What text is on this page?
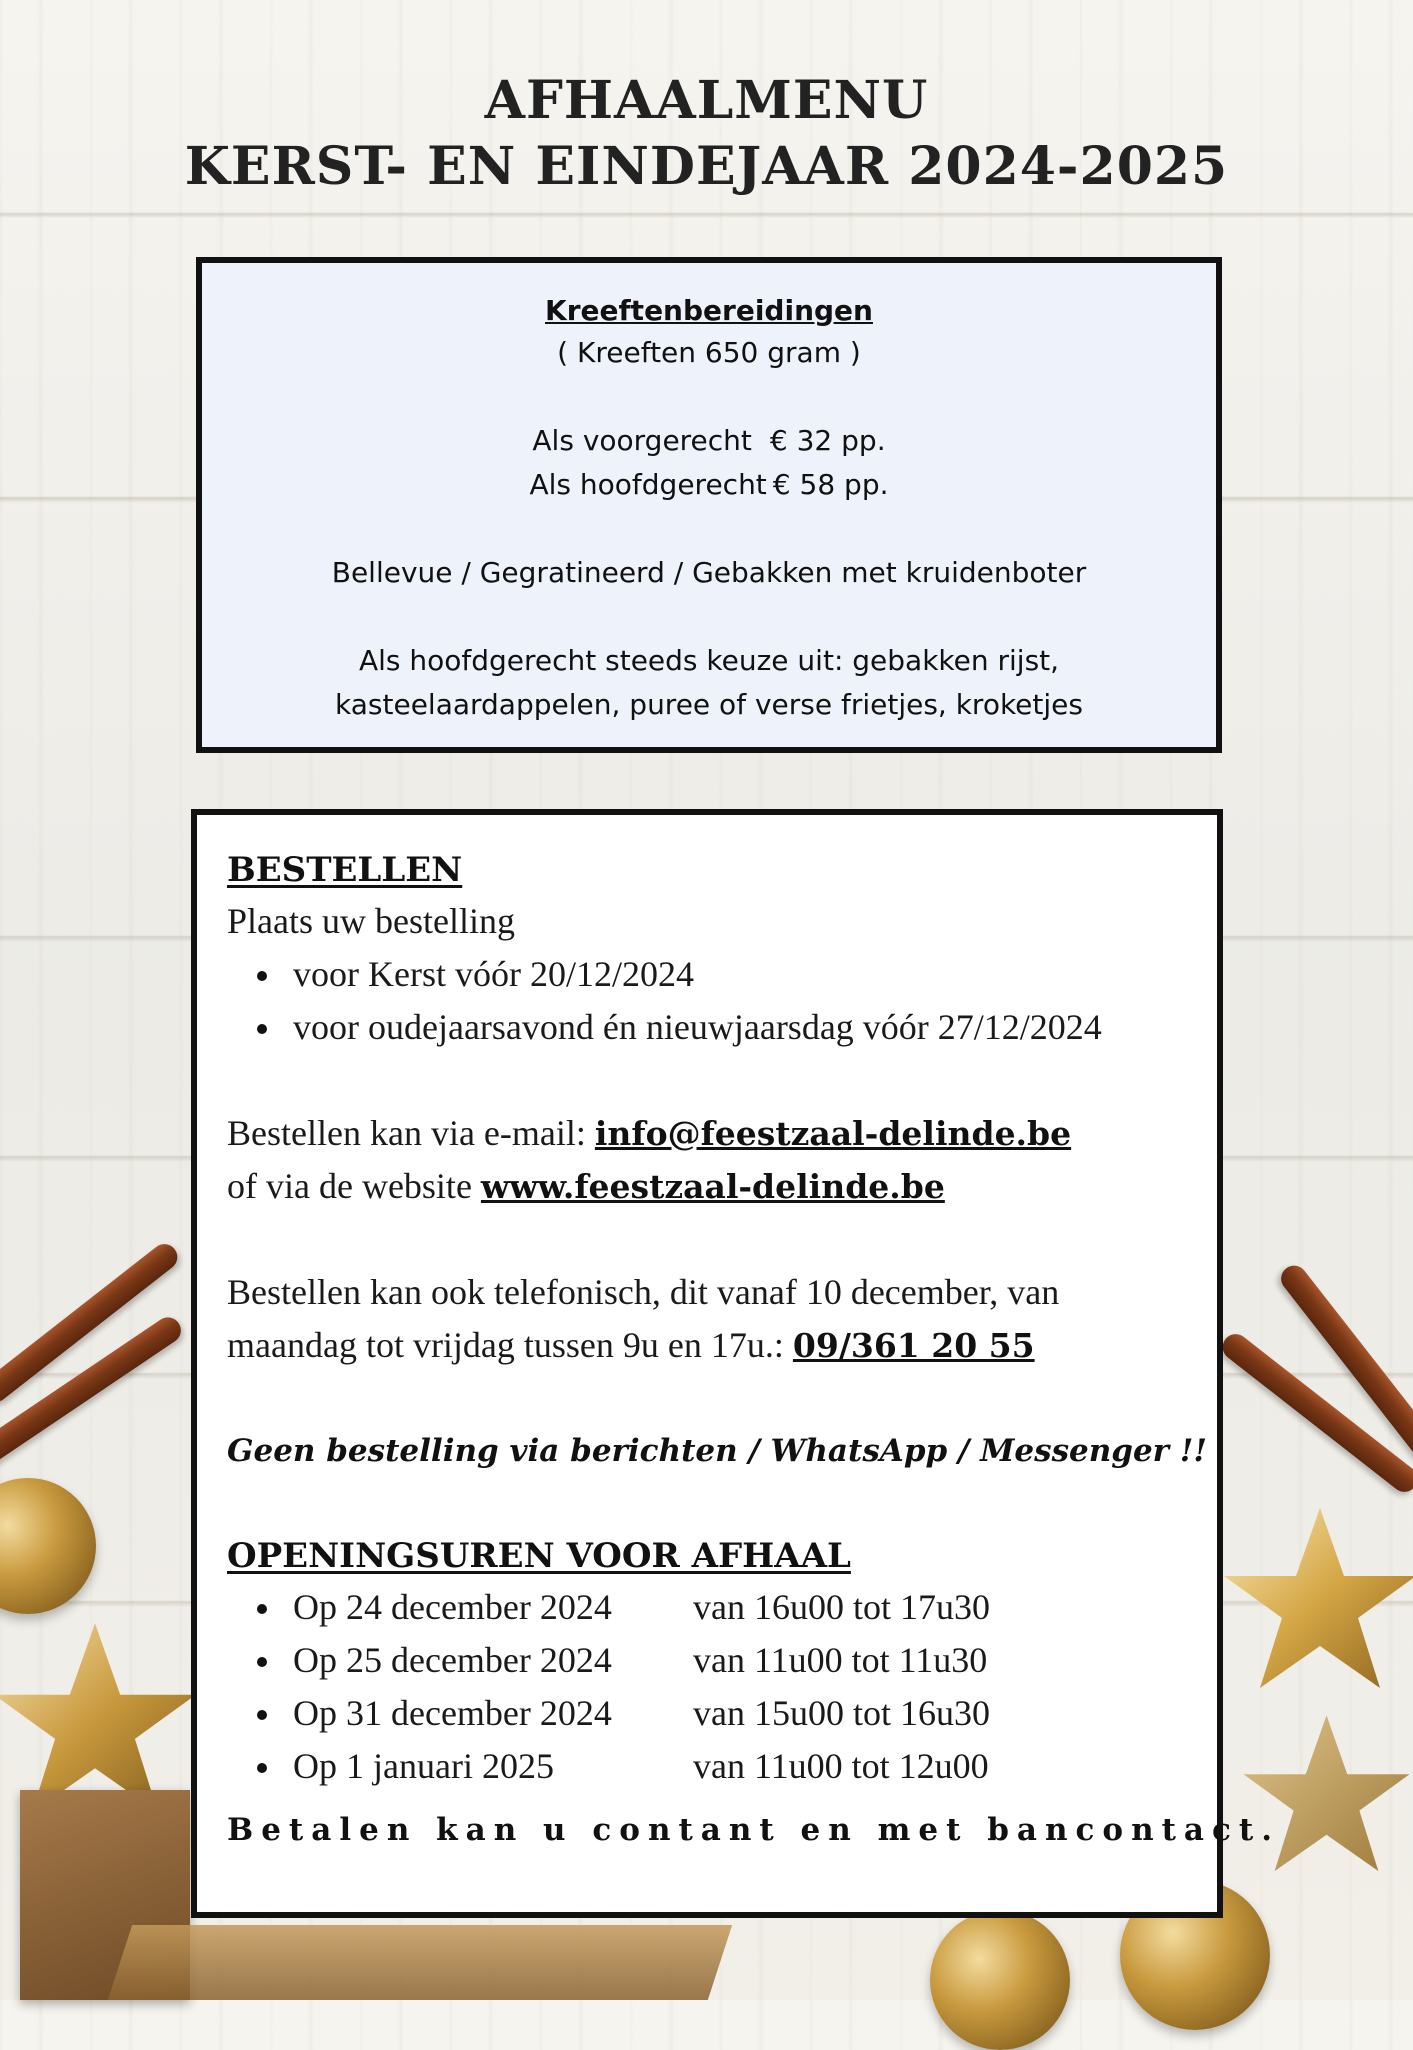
AFHAALMENU
KERST- EN EINDEJAAR 2024-2025
Kreeftenbereidingen
( Kreeften 650 gram )
Als voorgerecht € 32 pp.
Als hoofdgerecht € 58 pp.
Bellevue / Gegratineerd / Gebakken met kruidenboter
Als hoofdgerecht steeds keuze uit: gebakken rijst,
kasteelaardappelen, puree of verse frietjes, kroketjes
BESTELLEN
Plaats uw bestelling
voor Kerst vóór 20/12/2024
voor oudejaarsavond én nieuwjaarsdag vóór 27/12/2024
Bestellen kan via e-mail: info@feestzaal-delinde.be
of via de website www.feestzaal-delinde.be
Bestellen kan ook telefonisch, dit vanaf 10 december, van
maandag tot vrijdag tussen 9u en 17u.: 09/361 20 55
Geen bestelling via berichten / WhatsApp / Messenger !!
OPENINGSUREN VOOR AFHAAL
Op 24 december 2024 van 16u00 tot 17u30
Op 25 december 2024 van 11u00 tot 11u30
Op 31 december 2024 van 15u00 tot 16u30
Op 1 januari 2025	van 11u00 tot 12u00
Betalen kan u contant en met bancontact.
